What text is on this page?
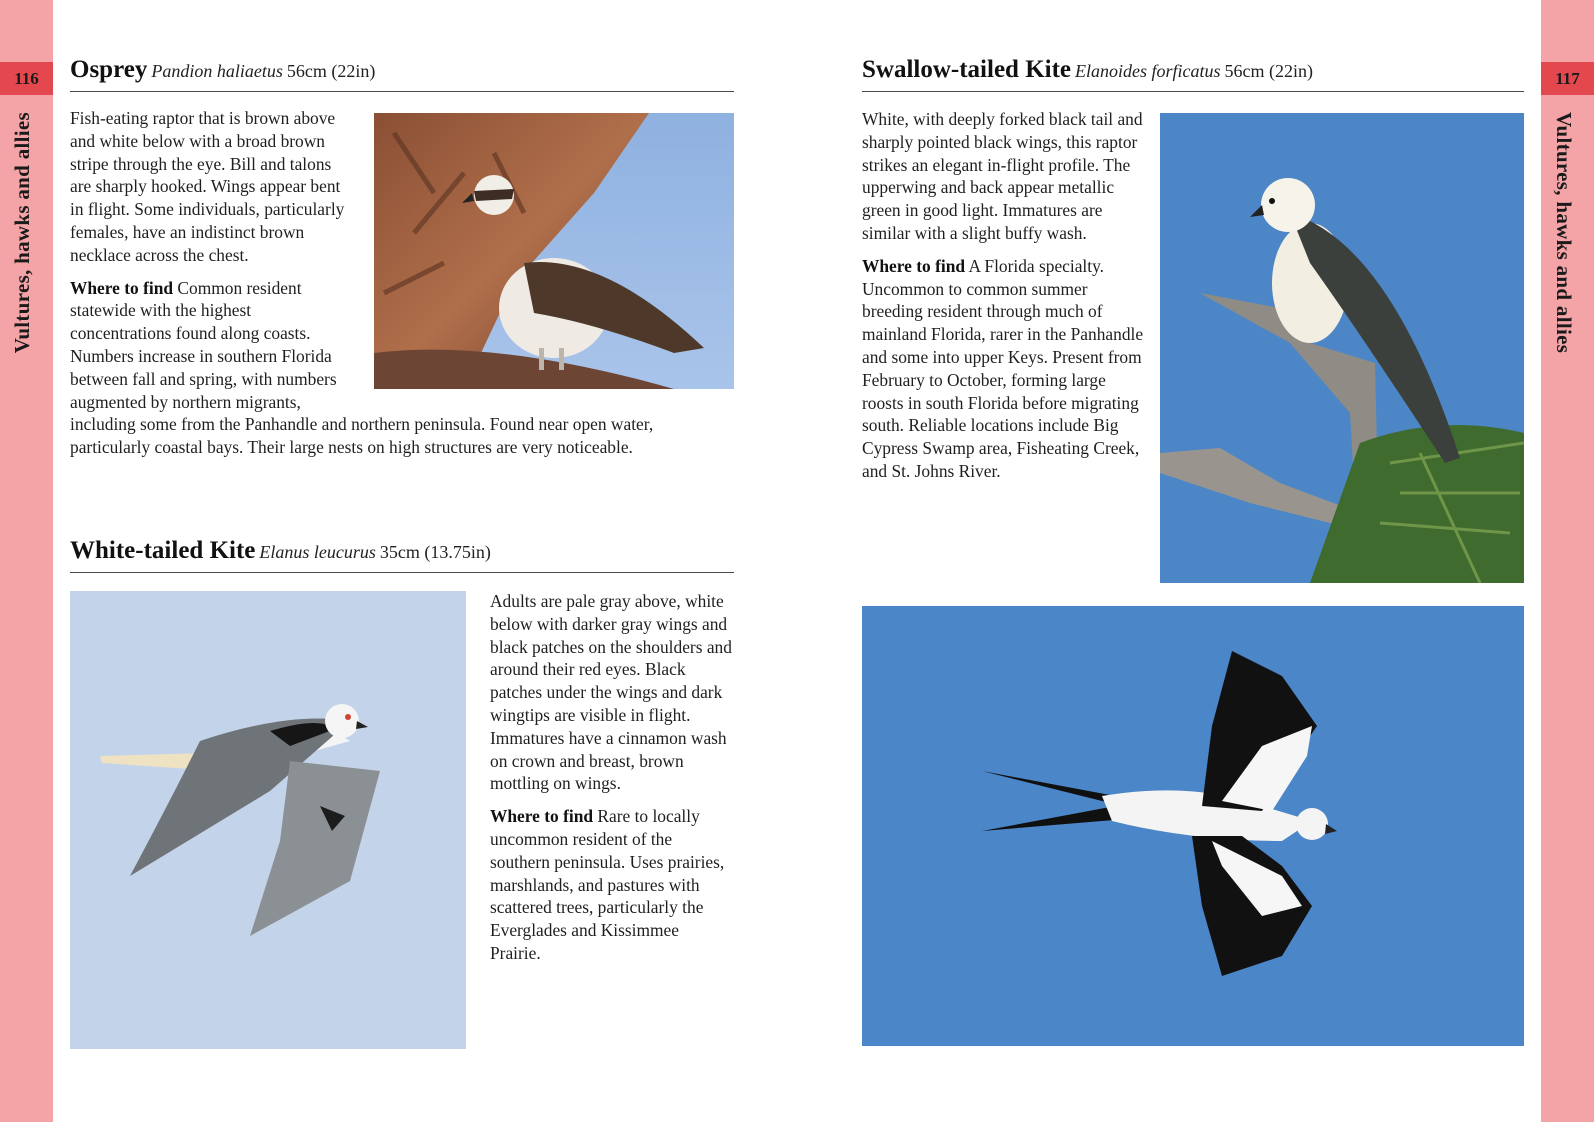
116
Vultures, hawks and allies
117
Vultures, hawks and allies
Osprey Pandion haliaetus 56cm (22in)

Fish-eating raptor that is brown above and white below with a broad brown stripe through the eye. Bill and talons are sharply hooked. Wings appear bent in flight. Some individuals, particularly females, have an indistinct brown necklace across the chest.

Where to find Common resident statewide with the highest concentrations found along coasts. Numbers increase in southern Florida between fall and spring, with numbers augmented by northern migrants, including some from the Panhandle and northern peninsula. Found near open water, particularly coastal bays. Their large nests on high structures are very noticeable.

White-tailed Kite Elanus leucurus 35cm (13.75in)

Adults are pale gray above, white below with darker gray wings and black patches on the shoulders and around their red eyes. Black patches under the wings and dark wingtips are visible in flight. Immatures have a cinnamon wash on crown and breast, brown mottling on wings.

Where to find Rare to locally uncommon resident of the southern peninsula. Uses prairies, marshlands, and pastures with scattered trees, particularly the Everglades and Kissimmee Prairie.

Swallow-tailed Kite Elanoides forficatus 56cm (22in)

White, with deeply forked black tail and sharply pointed black wings, this raptor strikes an elegant in-flight profile. The upperwing and back appear metallic green in good light. Immatures are similar with a slight buffy wash.

Where to find A Florida specialty. Uncommon to common summer breeding resident through much of mainland Florida, rarer in the Panhandle and some into upper Keys. Present from February to October, forming large roosts in south Florida before migrating south. Reliable locations include Big Cypress Swamp area, Fisheating Creek, and St. Johns River.
